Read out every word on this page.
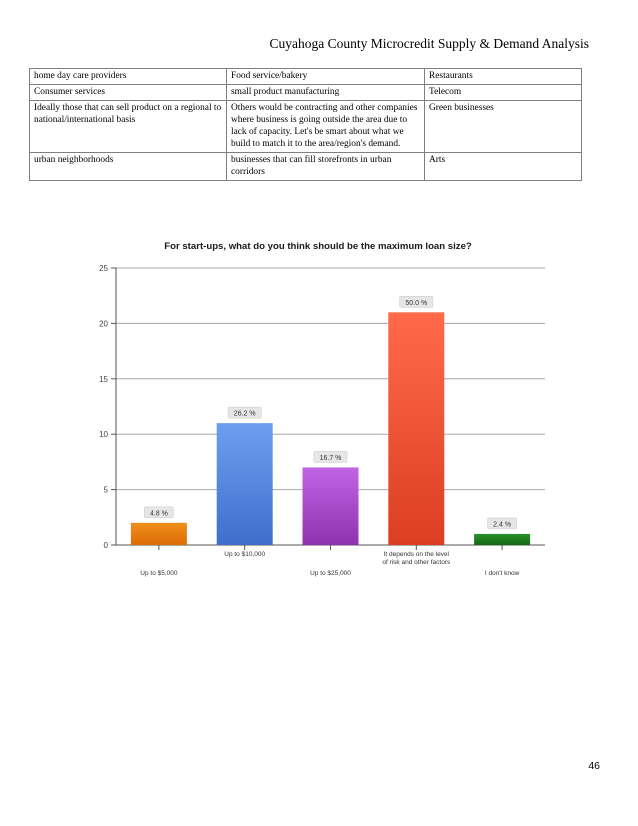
Cuyahoga County Microcredit Supply & Demand Analysis
home day care providers	Food service/bakery	Restaurants
Consumer services	small product manufacturing	Telecom
Ideally those that can sell product on a regional to national/international basis	Others would be contracting and other companies where business is going outside the area due to lack of capacity. Let's be smart about what we build to match it to the area/region's demand.	Green businesses
urban neighborhoods	businesses that can fill storefronts in urban corridors	Arts
For start-ups, what do you think should be the maximum loan size?
0
5
10
15
20
25
4.8 %
Up to $5,000
26.2 %
Up to $10,000
16.7 %
Up to $25,000
50.0 %
It depends on the level
of risk and other factors
2.4 %
I don't know
46
